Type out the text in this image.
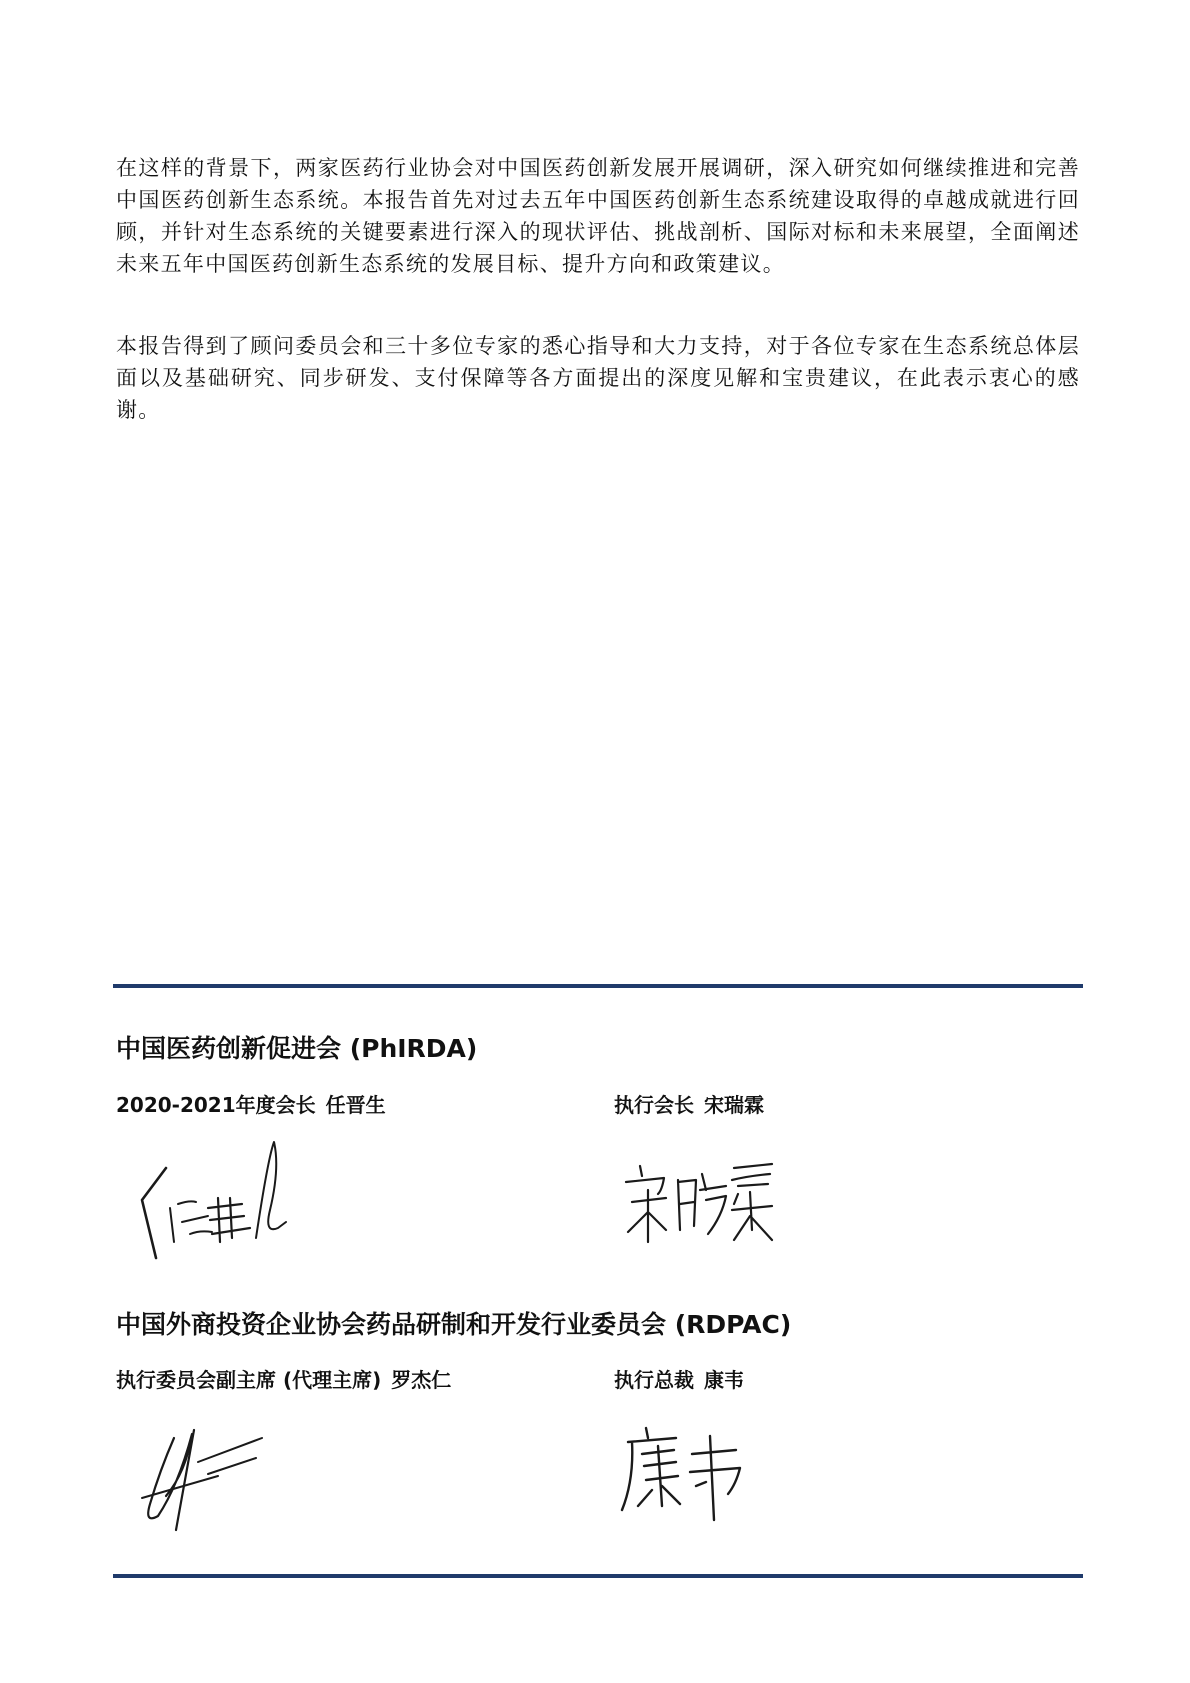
在这样的背景下，两家医药行业协会对中国医药创新发展开展调研，深入研究如何继续推进和完善中国医药创新生态系统。本报告首先对过去五年中国医药创新生态系统建设取得的卓越成就进行回顾，并针对生态系统的关键要素进行深入的现状评估、挑战剖析、国际对标和未来展望，全面阐述未来五年中国医药创新生态系统的发展目标、提升方向和政策建议。

本报告得到了顾问委员会和三十多位专家的悉心指导和大力支持，对于各位专家在生态系统总体层面以及基础研究、同步研发、支付保障等各方面提出的深度见解和宝贵建议，在此表示衷心的感谢。

中国医药创新促进会 (PhIRDA)
2020-2021年度会长 任晋生	执行会长 宋瑞霖
中国外商投资企业协会药品研制和开发行业委员会 (RDPAC)
执行委员会副主席 (代理主席) 罗杰仁	执行总裁 康韦
